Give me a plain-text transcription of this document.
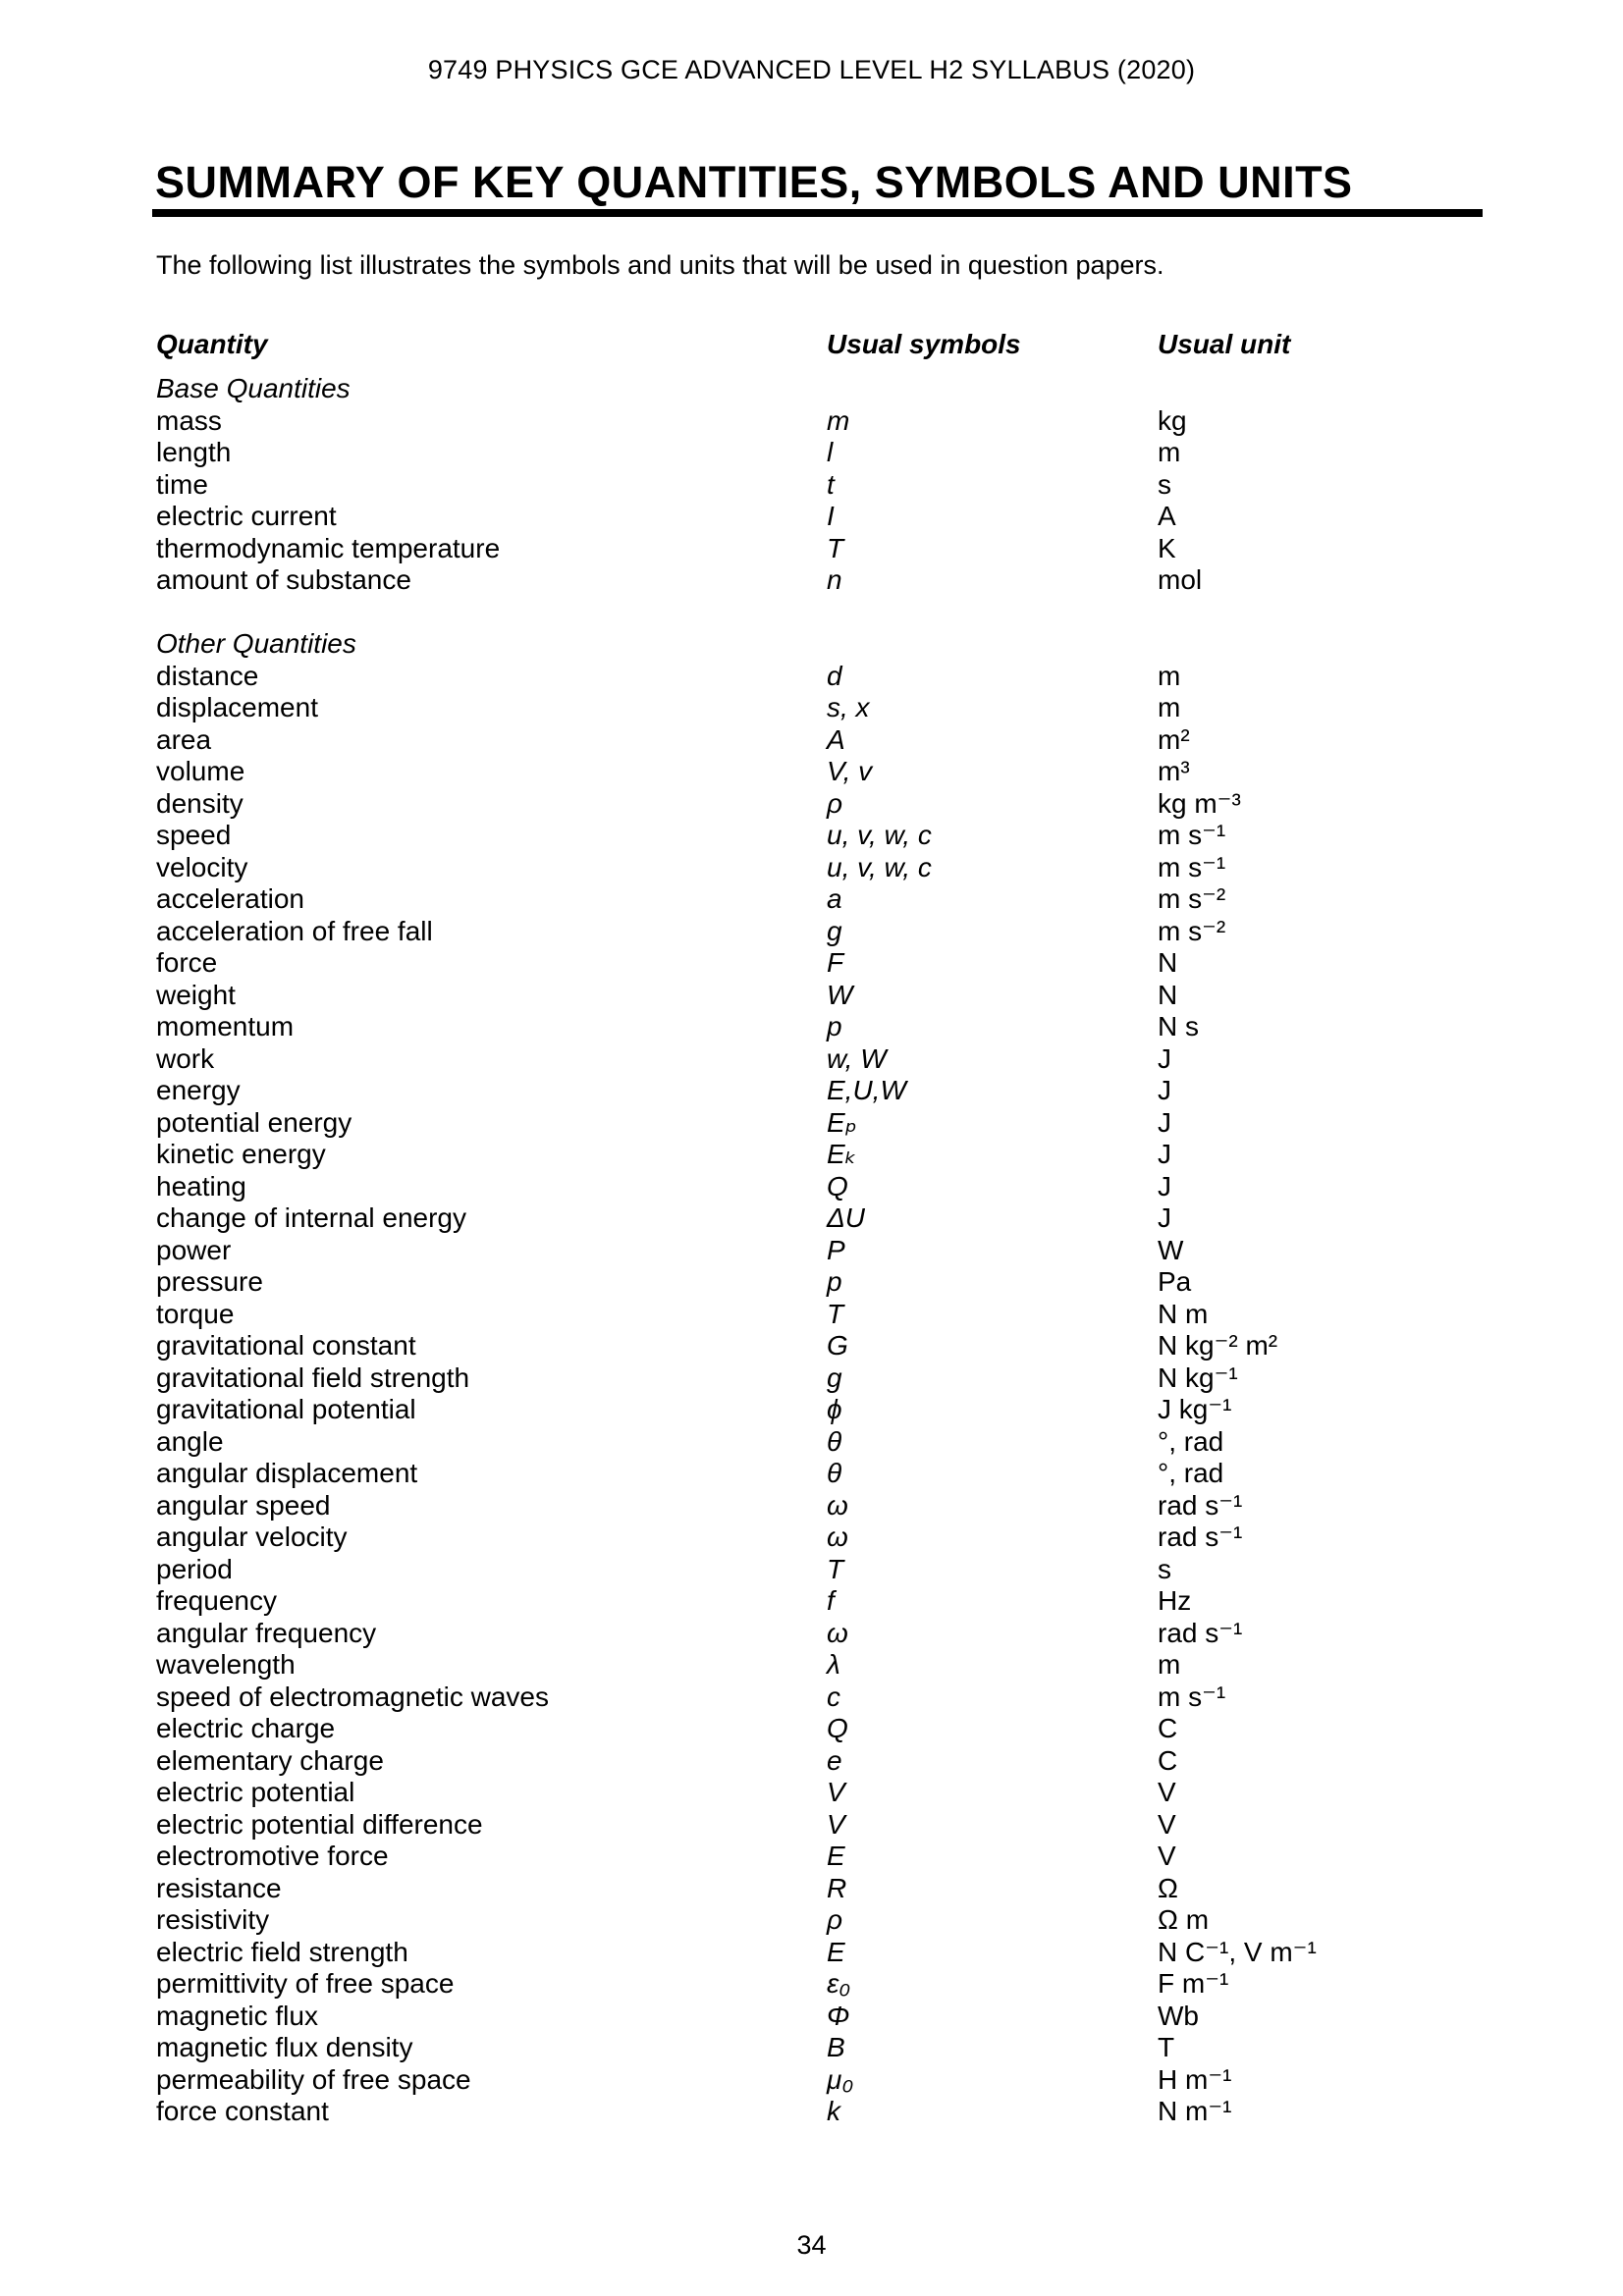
9749 PHYSICS GCE ADVANCED LEVEL H2 SYLLABUS (2020)
SUMMARY OF KEY QUANTITIES, SYMBOLS AND UNITS
The following list illustrates the symbols and units that will be used in question papers.
Quantity	Usual symbols	Usual unit
Base Quantities
mass	m	kg
length	l	m
time	t	s
electric current	I	A
thermodynamic temperature	T	K
amount of substance	n	mol
Other Quantities
distance	d	m
displacement	s, x	m
area	A	m²
volume	V, v	m³
density	ρ	kg m⁻³
speed	u, v, w, c	m s⁻¹
velocity	u, v, w, c	m s⁻¹
acceleration	a	m s⁻²
acceleration of free fall	g	m s⁻²
force	F	N
weight	W	N
momentum	p	N s
work	w, W	J
energy	E,U,W	J
potential energy	Eₚ	J
kinetic energy	Eₖ	J
heating	Q	J
change of internal energy	ΔU	J
power	P	W
pressure	p	Pa
torque	T	N m
gravitational constant	G	N kg⁻² m²
gravitational field strength	g	N kg⁻¹
gravitational potential	ϕ	J kg⁻¹
angle	θ	°, rad
angular displacement	θ	°, rad
angular speed	ω	rad s⁻¹
angular velocity	ω	rad s⁻¹
period	T	s
frequency	f	Hz
angular frequency	ω	rad s⁻¹
wavelength	λ	m
speed of electromagnetic waves	c	m s⁻¹
electric charge	Q	C
elementary charge	e	C
electric potential	V	V
electric potential difference	V	V
electromotive force	E	V
resistance	R	Ω
resistivity	ρ	Ω m
electric field strength	E	N C⁻¹, V m⁻¹
permittivity of free space	ε₀	F m⁻¹
magnetic flux	Φ	Wb
magnetic flux density	B	T
permeability of free space	μ₀	H m⁻¹
force constant	k	N m⁻¹
34
